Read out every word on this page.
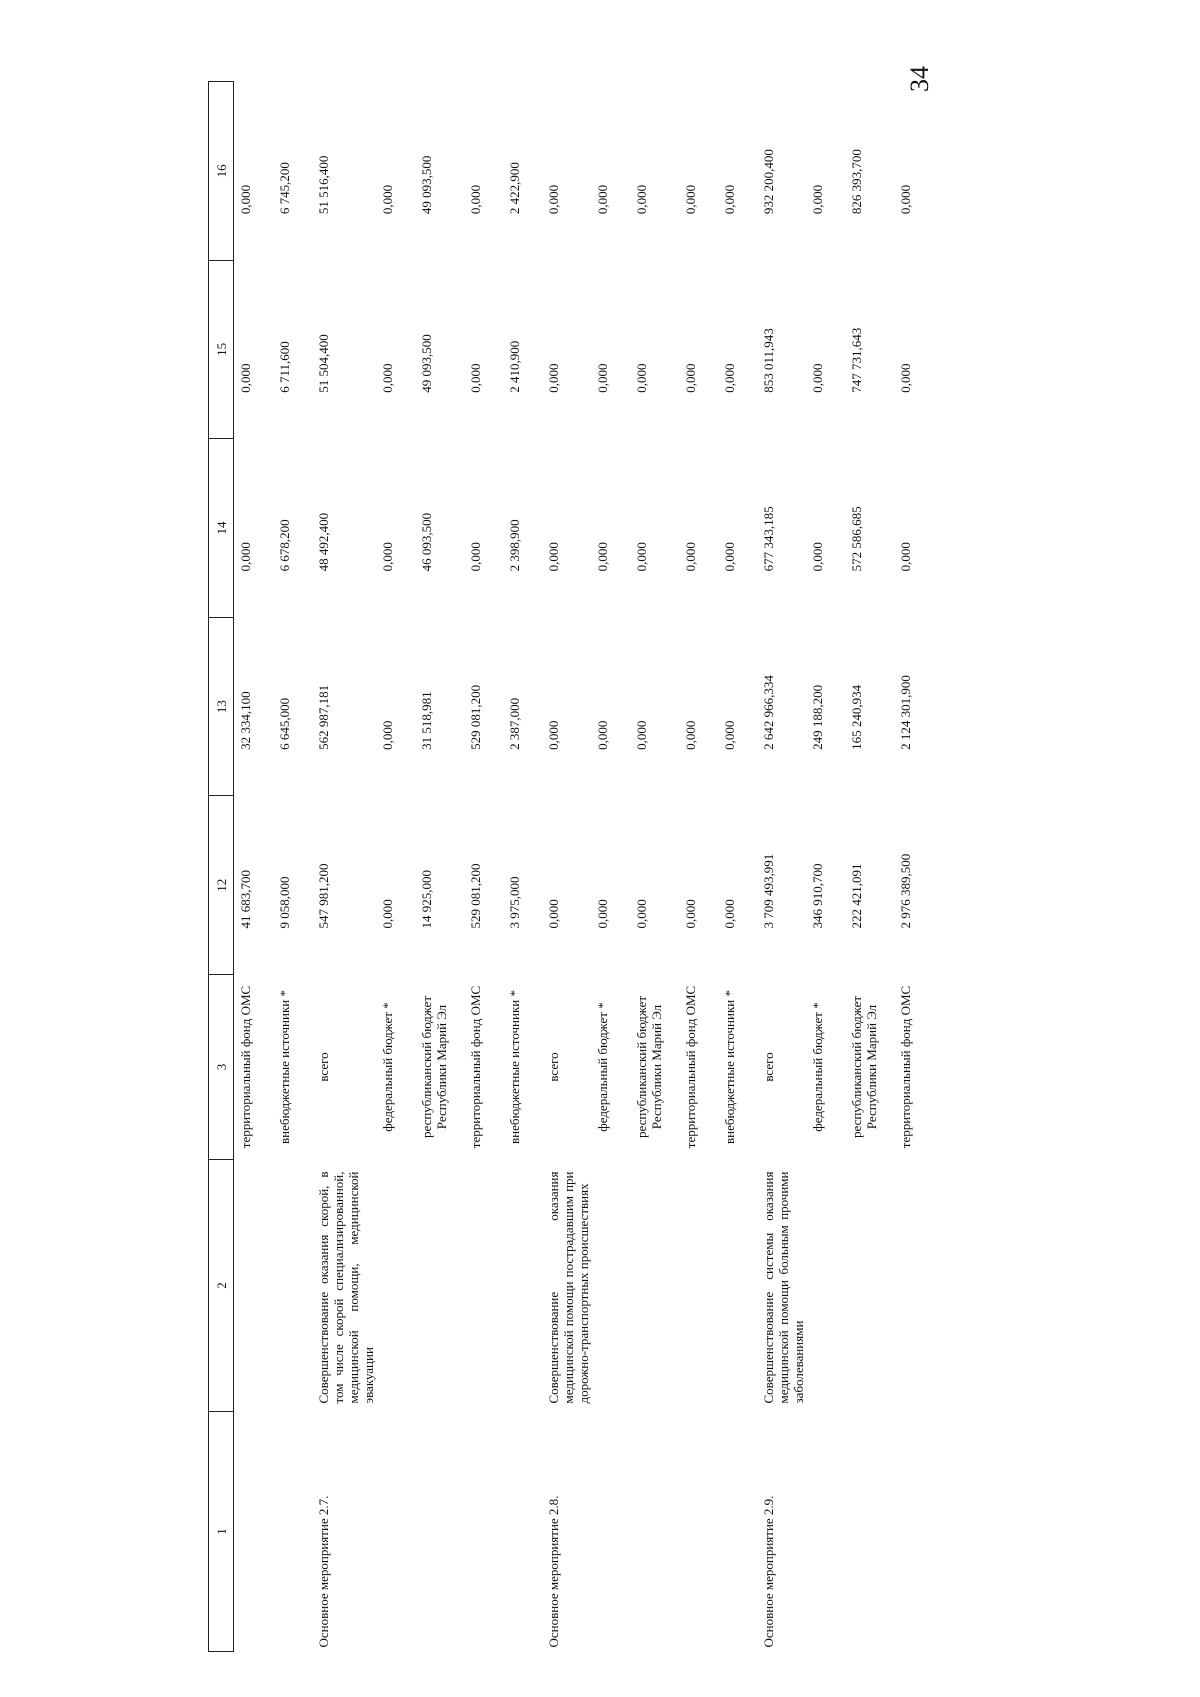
34
1	2	3	12	13	14	15	16
		территориальный фонд ОМС	41 683,700	32 334,100	0,000	0,000	0,000
		внебюджетные источники *	9 058,000	6 645,000	6 678,200	6 711,600	6 745,200
Основное мероприятие 2.7.	Совершенствование оказания скорой, в том числе скорой специализированной, медицинской помощи, медицинской эвакуации	всего	547 981,200	562 987,181	48 492,400	51 504,400	51 516,400
		федеральный бюджет *	0,000	0,000	0,000	0,000	0,000
		республиканский бюджет Республики Марий Эл	14 925,000	31 518,981	46 093,500	49 093,500	49 093,500
		территориальный фонд ОМС	529 081,200	529 081,200	0,000	0,000	0,000
		внебюджетные источники *	3 975,000	2 387,000	2 398,900	2 410,900	2 422,900
Основное мероприятие 2.8.	Совершенствование оказания медицинской помощи пострадавшим при дорожно-транспортных происшествиях	всего	0,000	0,000	0,000	0,000	0,000
		федеральный бюджет *	0,000	0,000	0,000	0,000	0,000
		республиканский бюджет Республики Марий Эл	0,000	0,000	0,000	0,000	0,000
		территориальный фонд ОМС	0,000	0,000	0,000	0,000	0,000
		внебюджетные источники *	0,000	0,000	0,000	0,000	0,000
Основное мероприятие 2.9.	Совершенствование системы оказания медицинской помощи больным прочими заболеваниями	всего	3 709 493,991	2 642 966,334	677 343,185	853 011,943	932 200,400
		федеральный бюджет *	346 910,700	249 188,200	0,000	0,000	0,000
		республиканский бюджет Республики Марий Эл	222 421,091	165 240,934	572 586,685	747 731,643	826 393,700
		территориальный фонд ОМС	2 976 389,500	2 124 301,900	0,000	0,000	0,000
